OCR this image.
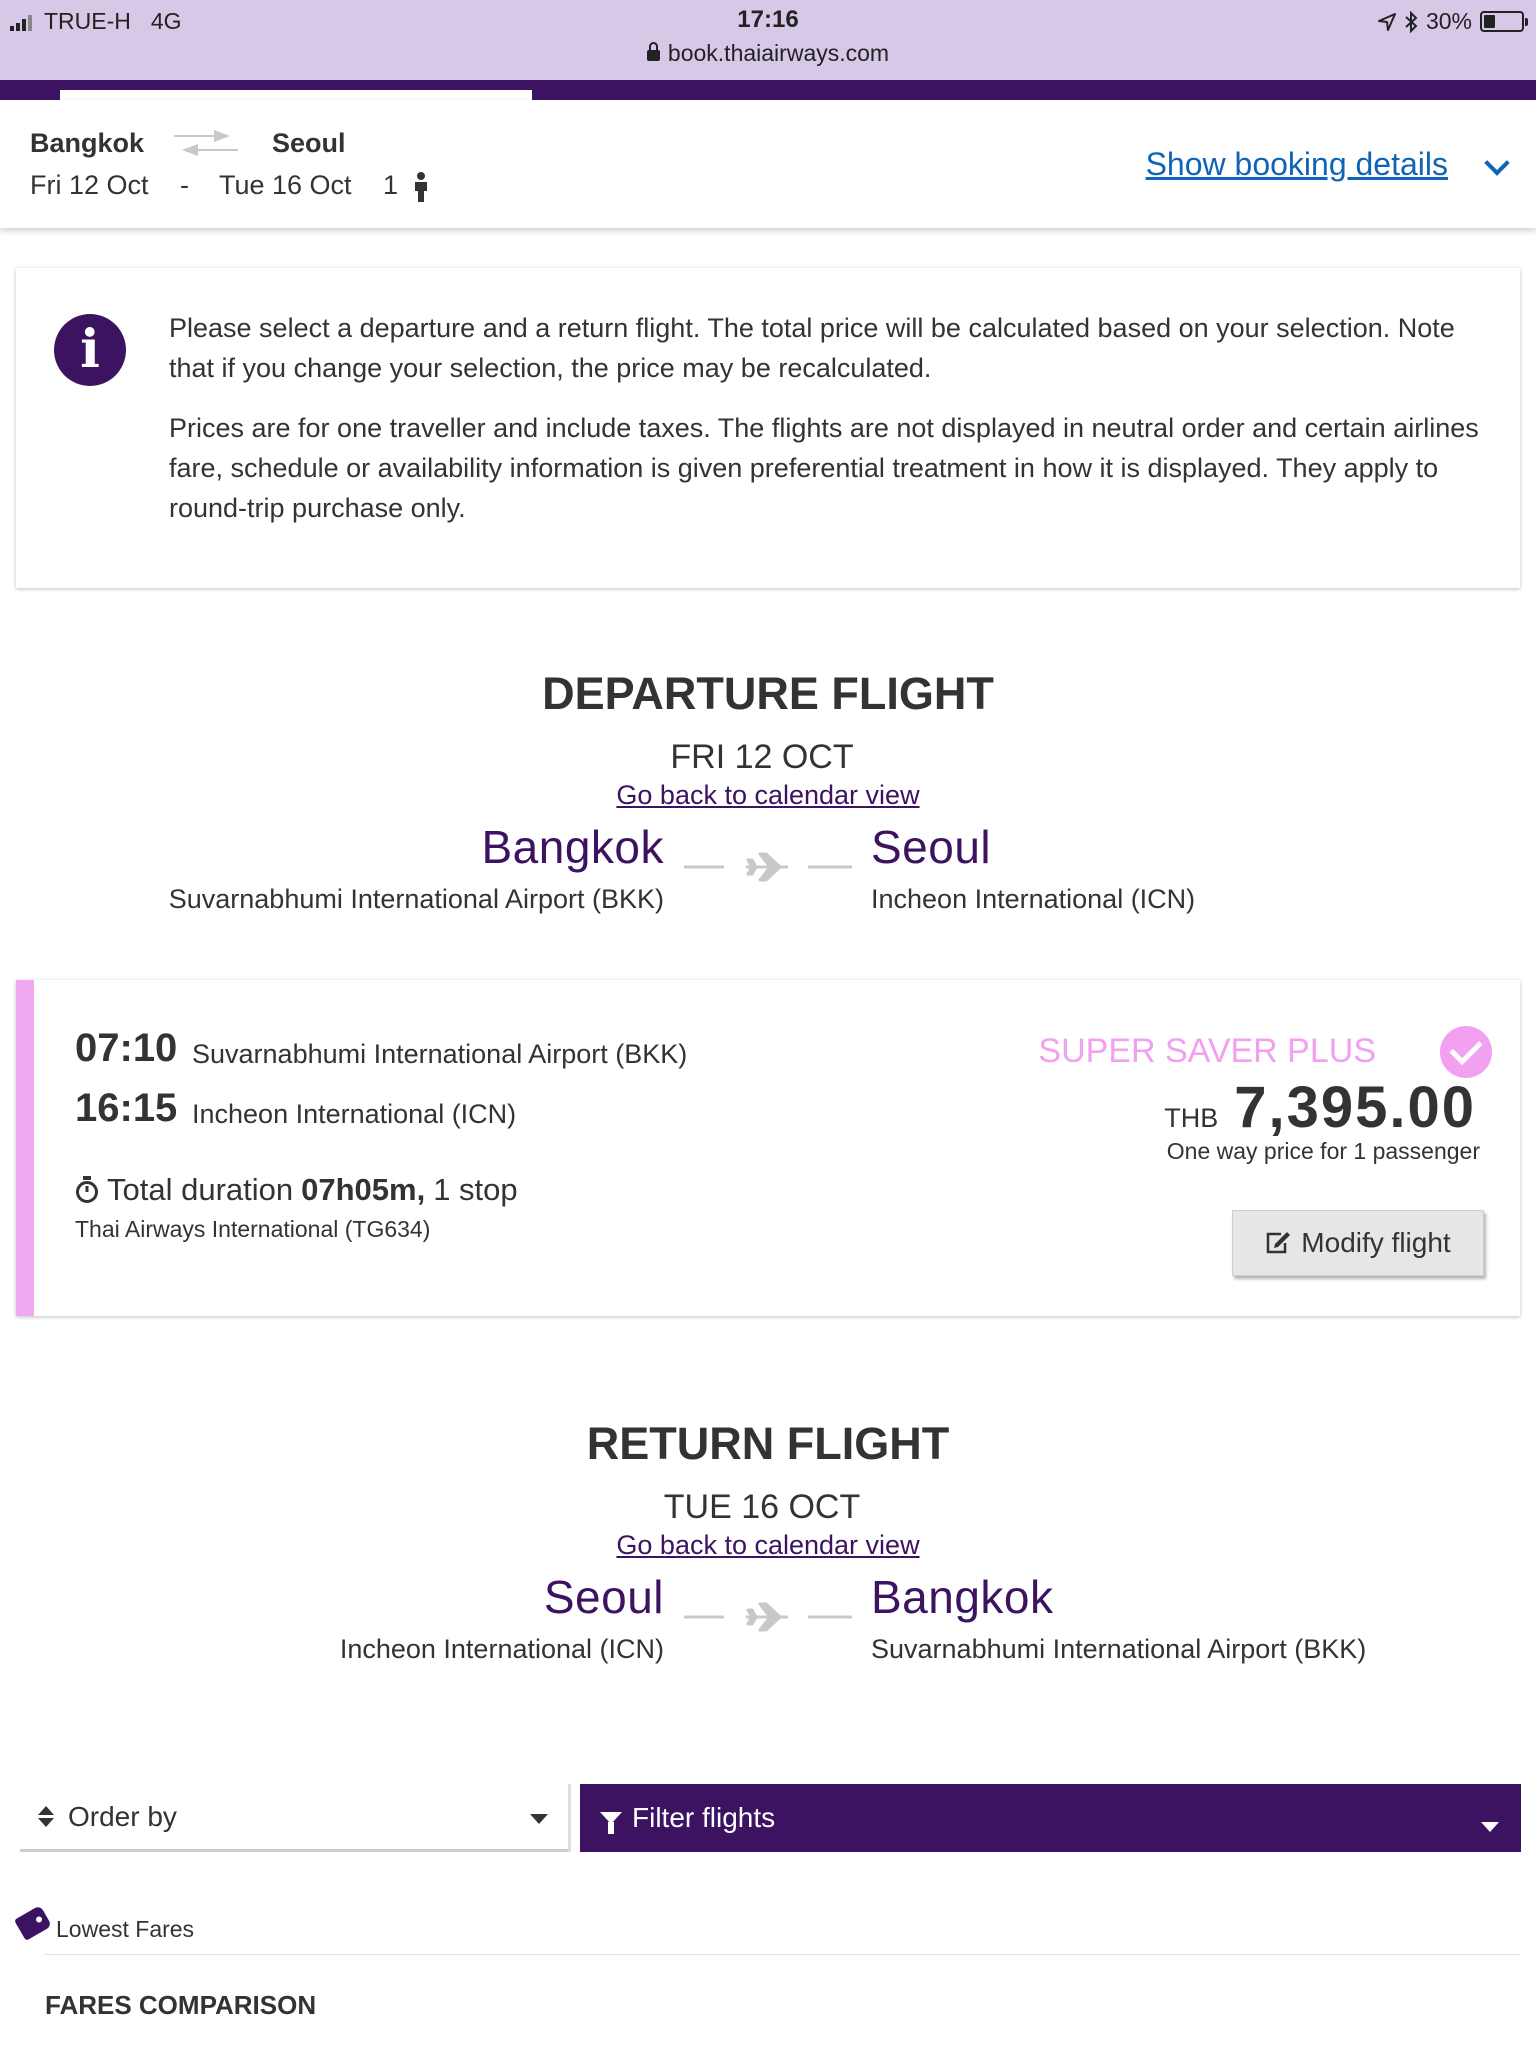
TRUE-H 4G	17:16
book.thaiairways.com
30%
Bangkok	Seoul
Fri 12 Oct - Tue 16 Oct 1
Show booking details
i	Please select a departure and a return flight. The total price will be calculated based on your selection. Note that if you change your selection, the price may be recalculated.

Prices are for one traveller and include taxes. The flights are not displayed in neutral order and certain airlines fare, schedule or availability information is given preferential treatment in how it is displayed. They apply to round-trip purchase only.

DEPARTURE FLIGHT
FRI 12 OCT
Go back to calendar view
Bangkok
Suvarnabhumi International Airport (BKK)
Seoul
Incheon International (ICN)
07:10 Suvarnabhumi International Airport (BKK)
16:15 Incheon International (ICN)
Total duration 07h05m, 1 stop
Thai Airways International (TG634)
SUPER SAVER PLUS
THB 7,395.00
One way price for 1 passenger
Modify flight
RETURN FLIGHT
TUE 16 OCT
Go back to calendar view
Seoul
Incheon International (ICN)
Bangkok
Suvarnabhumi International Airport (BKK)
Order by	Filter flights
Lowest Fares
FARES COMPARISON
